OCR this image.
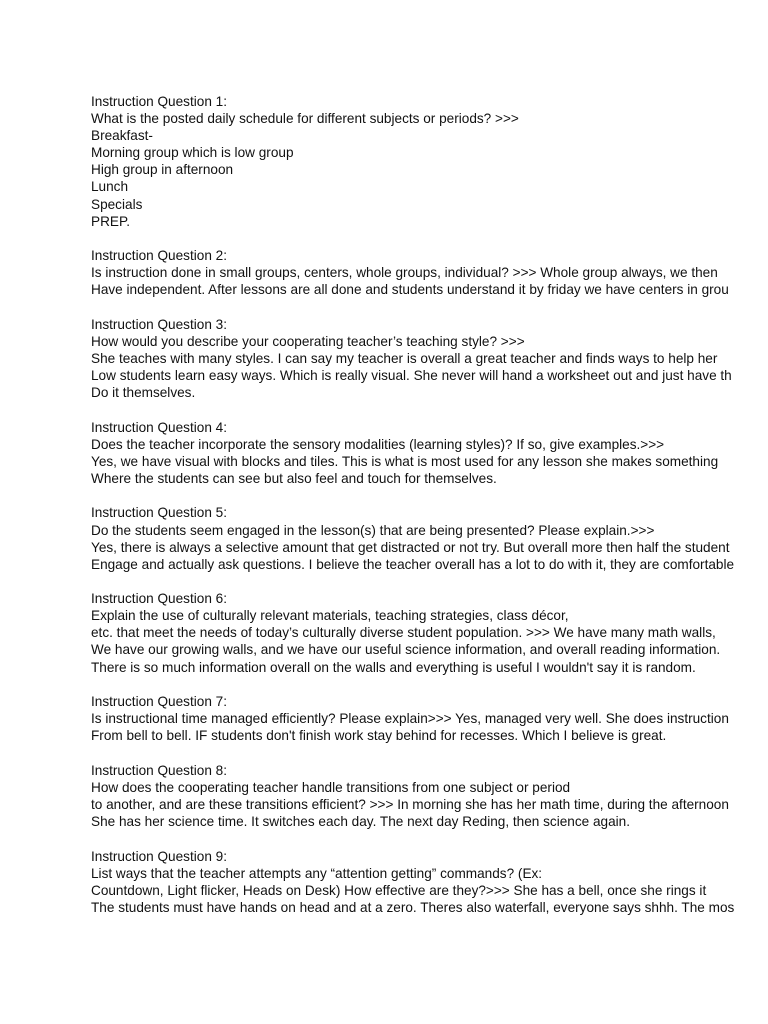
Instruction Question 1:
What is the posted daily schedule for different subjects or periods? >>>
Breakfast-
Morning group which is low group
High group in afternoon
Lunch
Specials
PREP.
Instruction Question 2:
Is instruction done in small groups, centers, whole groups, individual? >>> Whole group always, we then
Have independent. After lessons are all done and students understand it by friday we have centers in grou
Instruction Question 3:
How would you describe your cooperating teacher’s teaching style? >>>
She teaches with many styles. I can say my teacher is overall a great teacher and finds ways to help her
Low students learn easy ways. Which is really visual. She never will hand a worksheet out and just have th
Do it themselves.
Instruction Question 4:
Does the teacher incorporate the sensory modalities (learning styles)? If so, give examples.>>>
Yes, we have visual with blocks and tiles. This is what is most used for any lesson she makes something
Where the students can see but also feel and touch for themselves.
Instruction Question 5:
Do the students seem engaged in the lesson(s) that are being presented? Please explain.>>>
Yes, there is always a selective amount that get distracted or not try. But overall more then half the student
Engage and actually ask questions. I believe the teacher overall has a lot to do with it, they are comfortable
Instruction Question 6:
Explain the use of culturally relevant materials, teaching strategies, class décor,
etc. that meet the needs of today’s culturally diverse student population. >>> We have many math walls,
We have our growing walls, and we have our useful science information, and overall reading information.
There is so much information overall on the walls and everything is useful I wouldn't say it is random.
Instruction Question 7:
Is instructional time managed efficiently? Please explain>>> Yes, managed very well. She does instruction
From bell to bell. IF students don't finish work stay behind for recesses. Which I believe is great.
Instruction Question 8:
How does the cooperating teacher handle transitions from one subject or period
to another, and are these transitions efficient? >>> In morning she has her math time, during the afternoon
She has her science time. It switches each day. The next day Reding, then science again.
Instruction Question 9:
List ways that the teacher attempts any “attention getting” commands? (Ex:
Countdown, Light flicker, Heads on Desk) How effective are they?>>> She has a bell, once she rings it
The students must have hands on head and at a zero. Theres also waterfall, everyone says shhh. The mos
